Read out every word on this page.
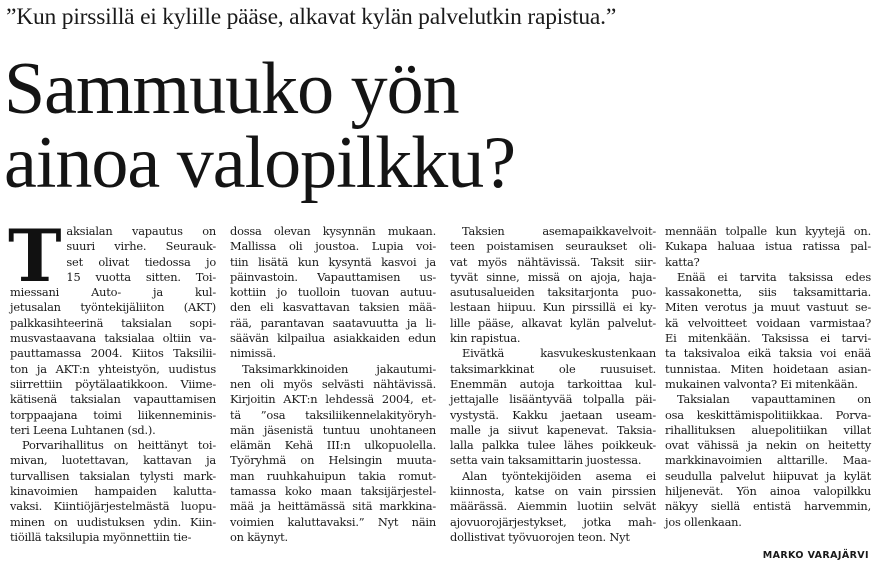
”Kun pirssillä ei kylille pääse, alkavat kylän palvelutkin rapistua.”
Sammuuko yön
ainoa valopilkku?
T aksialan vapautus on
suuri virhe. Seurauk-
set olivat tiedossa jo
15 vuotta sitten. Toi-
miessani Auto- ja kul-
jetusalan työntekijäliiton (AKT)
palkkasihteerinä taksialan sopi-
musvastaavana taksialaa oltiin va-
pauttamassa 2004. Kiitos Taksilii-
ton ja AKT:n yhteistyön, uudistus
siirrettiin pöytälaatikkoon. Viime-
kätisenä taksialan vapauttamisen
torppaajana toimi liikenneminis-
teri Leena Luhtanen (sd.).

Porvarihallitus on heittänyt toi-
mivan, luotettavan, kattavan ja
turvallisen taksialan tylysti mark-
kinavoimien hampaiden kalutta-
vaksi. Kiintiöjärjestelmästä luopu-
minen on uudistuksen ydin. Kiin-
tiöillä taksilupia myönnettiin tie-

dossa olevan kysynnän mukaan.
Mallissa oli joustoa. Lupia voi-
tiin lisätä kun kysyntä kasvoi ja
päinvastoin. Vapauttamisen us-
kottiin jo tuolloin tuovan autuu-
den eli kasvattavan taksien mää-
rää, parantavan saatavuutta ja li-
säävän kilpailua asiakkaiden edun
nimissä.

Taksimarkkinoiden jakautumi-
nen oli myös selvästi nähtävissä.
Kirjoitin AKT:n lehdessä 2004, et-
tä ”osa taksiliikennelakityöryh-
män jäsenistä tuntuu unohtaneen
elämän Kehä III:n ulkopuolella.
Työryhmä on Helsingin muuta-
man ruuhkahuipun takia romut-
tamassa koko maan taksijärjestel-
mää ja heittämässä sitä markkina-
voimien kaluttavaksi.” Nyt näin
on käynyt.

Taksien asemapaikkavelvoit-
teen poistamisen seuraukset oli-
vat myös nähtävissä. Taksit siir-
tyvät sinne, missä on ajoja, haja-
asutusalueiden taksitarjonta puo-
lestaan hiipuu. Kun pirssillä ei ky-
lille pääse, alkavat kylän palvelut-
kin rapistua.

Eivätkä kasvukeskustenkaan
taksimarkkinat ole ruusuiset.
Enemmän autoja tarkoittaa kul-
jettajalle lisääntyvää tolpalla päi-
vystystä. Kakku jaetaan useam-
malle ja siivut kapenevat. Taksia-
lalla palkka tulee lähes poikkeuk-
setta vain taksamittarin juostessa.

Alan työntekijöiden asema ei
kiinnosta, katse on vain pirssien
määrässä. Aiemmin luotiin selvät
ajovuorojärjestykset, jotka mah-
dollistivat työvuorojen teon. Nyt

mennään tolpalle kun kyytejä on.
Kukapa haluaa istua ratissa pal-
katta?

Enää ei tarvita taksissa edes
kassakonetta, siis taksamittaria.
Miten verotus ja muut vastuut se-
kä velvoitteet voidaan varmistaa?
Ei mitenkään. Taksissa ei tarvi-
ta taksivaloa eikä taksia voi enää
tunnistaa. Miten hoidetaan asian-
mukainen valvonta? Ei mitenkään.

Taksialan vapauttaminen on
osa keskittämispolitiikkaa. Porva-
rihallituksen aluepolitiikan villat
ovat vähissä ja nekin on heitetty
markkinavoimien alttarille. Maa-
seudulla palvelut hiipuvat ja kylät
hiljenevät. Yön ainoa valopilkku
näkyy siellä entistä harvemmin,
jos ollenkaan.

MARKO VARAJÄRVI
